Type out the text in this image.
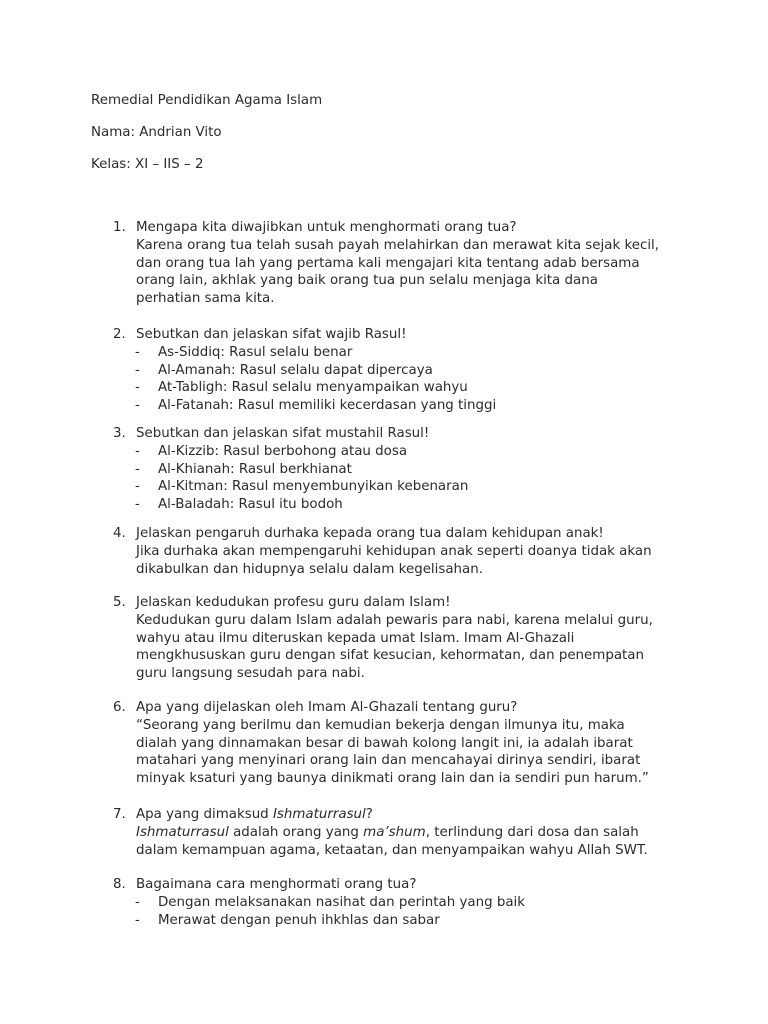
Remedial Pendidikan Agama Islam
Nama: Andrian Vito
Kelas: XI – IIS – 2
1. Mengapa kita diwajibkan untuk menghormati orang tua?
Karena orang tua telah susah payah melahirkan dan merawat kita sejak kecil,
dan orang tua lah yang pertama kali mengajari kita tentang adab bersama
orang lain, akhlak yang baik orang tua pun selalu menjaga kita dana
perhatian sama kita.
2. Sebutkan dan jelaskan sifat wajib Rasul!
- As-Siddiq: Rasul selalu benar
- Al-Amanah: Rasul selalu dapat dipercaya
- At-Tabligh: Rasul selalu menyampaikan wahyu
- Al-Fatanah: Rasul memiliki kecerdasan yang tinggi
3. Sebutkan dan jelaskan sifat mustahil Rasul!
- Al-Kizzib: Rasul berbohong atau dosa
- Al-Khianah: Rasul berkhianat
- Al-Kitman: Rasul menyembunyikan kebenaran
- Al-Baladah: Rasul itu bodoh
4. Jelaskan pengaruh durhaka kepada orang tua dalam kehidupan anak!
Jika durhaka akan mempengaruhi kehidupan anak seperti doanya tidak akan
dikabulkan dan hidupnya selalu dalam kegelisahan.
5. Jelaskan kedudukan profesu guru dalam Islam!
Kedudukan guru dalam Islam adalah pewaris para nabi, karena melalui guru,
wahyu atau ilmu diteruskan kepada umat Islam. Imam Al-Ghazali
mengkhususkan guru dengan sifat kesucian, kehormatan, dan penempatan
guru langsung sesudah para nabi.
6. Apa yang dijelaskan oleh Imam Al-Ghazali tentang guru?
“Seorang yang berilmu dan kemudian bekerja dengan ilmunya itu, maka
dialah yang dinnamakan besar di bawah kolong langit ini, ia adalah ibarat
matahari yang menyinari orang lain dan mencahayai dirinya sendiri, ibarat
minyak ksaturi yang baunya dinikmati orang lain dan ia sendiri pun harum.”
7. Apa yang dimaksud Ishmaturrasul?
Ishmaturrasul adalah orang yang ma’shum, terlindung dari dosa dan salah
dalam kemampuan agama, ketaatan, dan menyampaikan wahyu Allah SWT.
8. Bagaimana cara menghormati orang tua?
- Dengan melaksanakan nasihat dan perintah yang baik
- Merawat dengan penuh ihkhlas dan sabar
